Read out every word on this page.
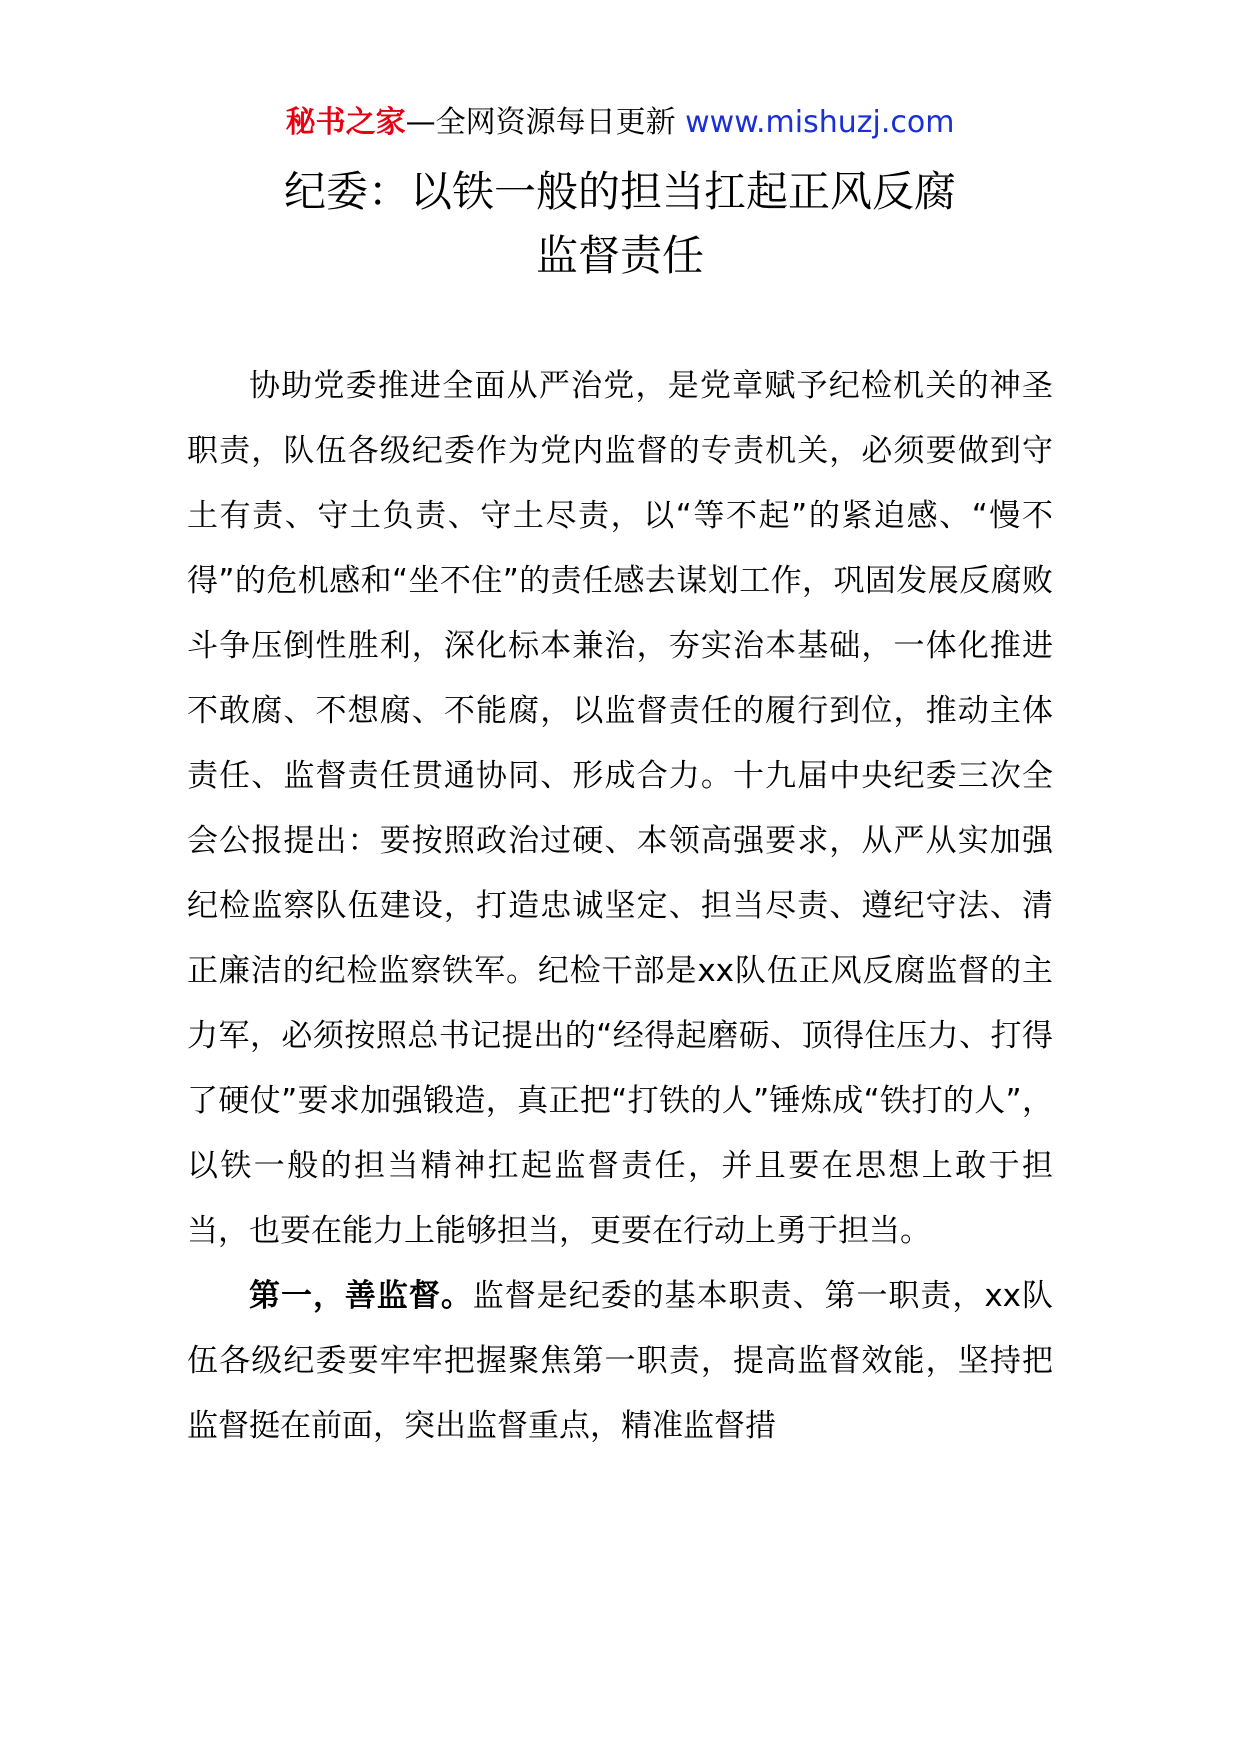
秘书之家—全网资源每日更新 www.mishuzj.com
纪委：以铁一般的担当扛起正风反腐
监督责任

协助党委推进全面从严治党，是党章赋予纪检机关的神圣职责，队伍各级纪委作为党内监督的专责机关，必须要做到守土有责、守土负责、守土尽责，以“等不起”的紧迫感、“慢不得”的危机感和“坐不住”的责任感去谋划工作，巩固发展反腐败斗争压倒性胜利，深化标本兼治，夯实治本基础，一体化推进不敢腐、不想腐、不能腐，以监督责任的履行到位，推动主体责任、监督责任贯通协同、形成合力。十九届中央纪委三次全会公报提出：要按照政治过硬、本领高强要求，从严从实加强纪检监察队伍建设，打造忠诚坚定、担当尽责、遵纪守法、清正廉洁的纪检监察铁军。纪检干部是xx队伍正风反腐监督的主力军，必须按照总书记提出的“经得起磨砺、顶得住压力、打得了硬仗”要求加强锻造，真正把“打铁的人”锤炼成“铁打的人”，以铁一般的担当精神扛起监督责任，并且要在思想上敢于担当，也要在能力上能够担当，更要在行动上勇于担当。

第一，善监督。监督是纪委的基本职责、第一职责，xx队伍各级纪委要牢牢把握聚焦第一职责，提高监督效能，坚持把监督挺在前面，突出监督重点，精准监督措
